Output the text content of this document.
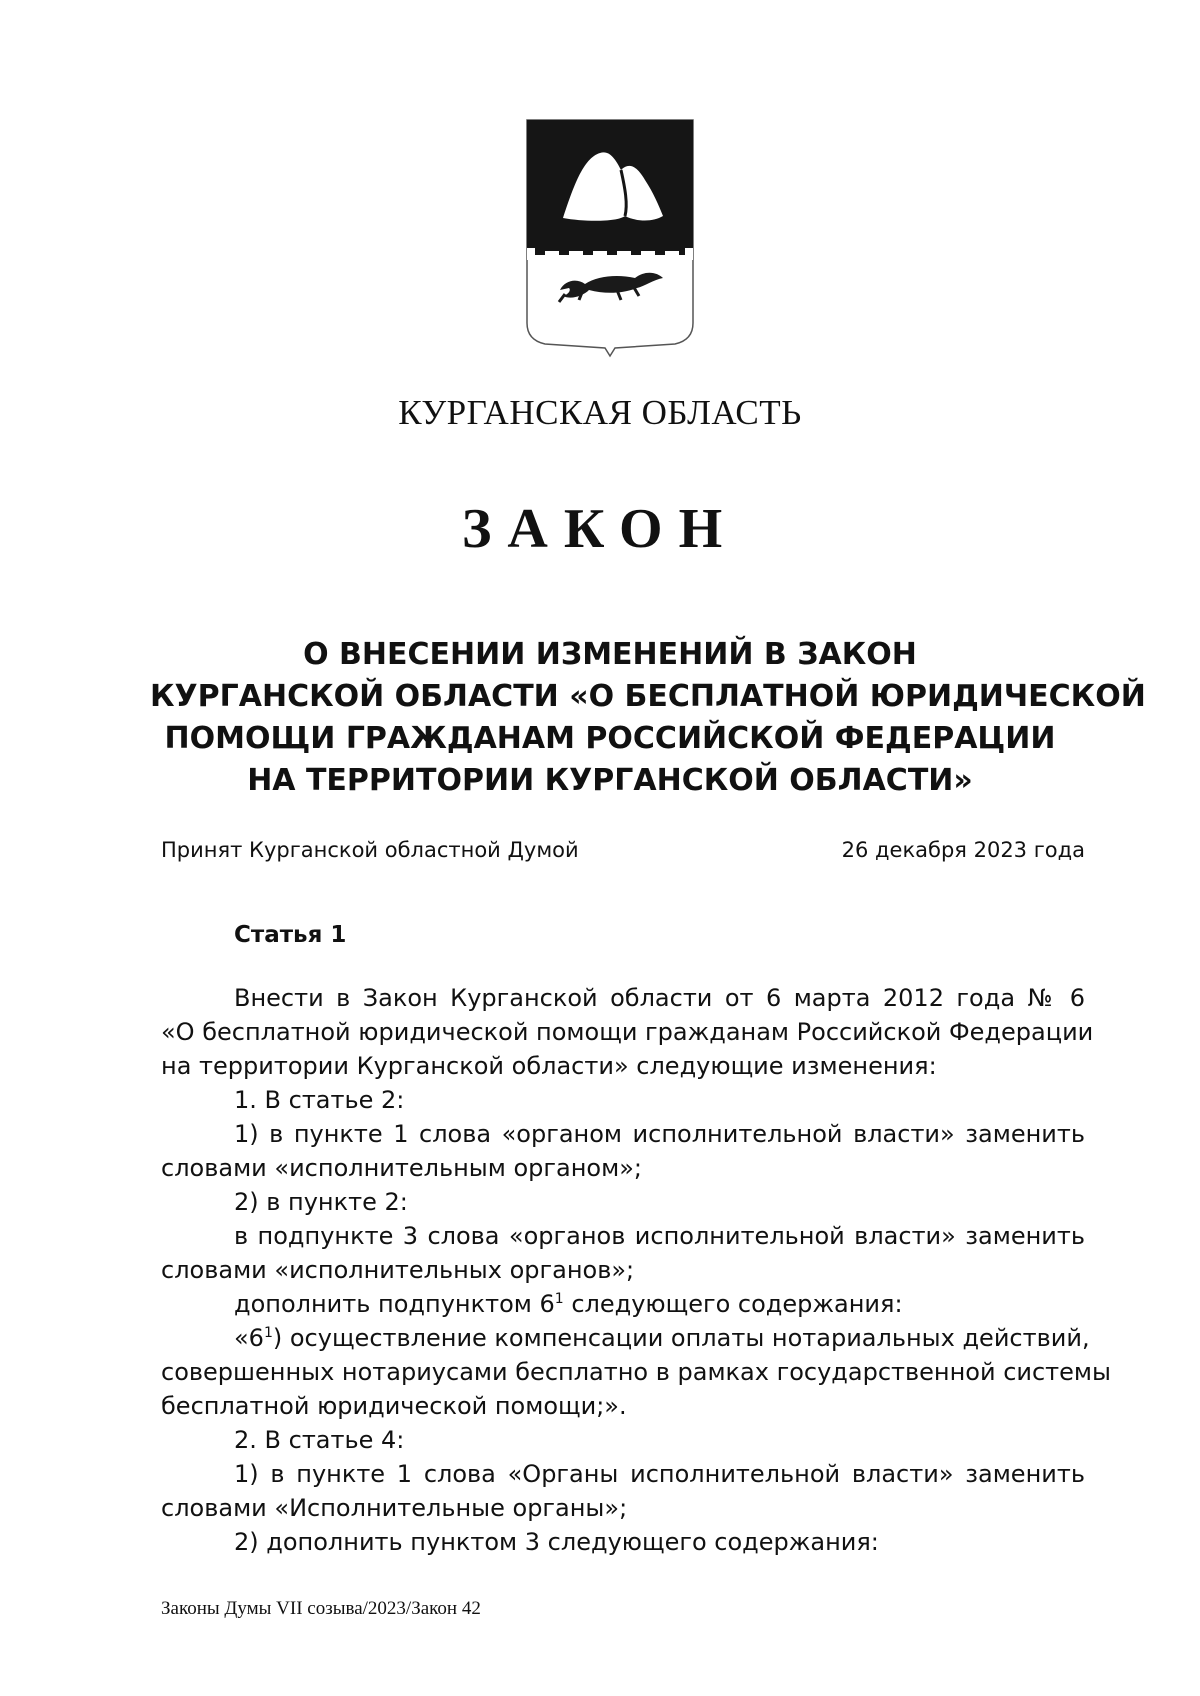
КУРГАНСКАЯ ОБЛАСТЬ
ЗАКОН
О ВНЕСЕНИИ ИЗМЕНЕНИЙ В ЗАКОН
КУРГАНСКОЙ ОБЛАСТИ «О БЕСПЛАТНОЙ ЮРИДИЧЕСКОЙ
ПОМОЩИ ГРАЖДАНАМ РОССИЙСКОЙ ФЕДЕРАЦИИ
НА ТЕРРИТОРИИ КУРГАНСКОЙ ОБЛАСТИ»
Принят Курганской областной Думой	26 декабря 2023 года
Статья 1
Внести в Закон Курганской области от 6 марта 2012 года № 6
«О бесплатной юридической помощи гражданам Российской Федерации
на территории Курганской области» следующие изменения:
1. В статье 2:
1) в пункте 1 слова «органом исполнительной власти» заменить
словами «исполнительным органом»;
2) в пункте 2:
в подпункте 3 слова «органов исполнительной власти» заменить
словами «исполнительных органов»;
дополнить подпунктом $6^1$ следующего содержания:
«$6^1$) осуществление компенсации оплаты нотариальных действий,
совершенных нотариусами бесплатно в рамках государственной системы
бесплатной юридической помощи;».
2. В статье 4:
1) в пункте 1 слова «Органы исполнительной власти» заменить
словами «Исполнительные органы»;
2) дополнить пунктом 3 следующего содержания:
Законы Думы VII созыва/2023/Закон 42
